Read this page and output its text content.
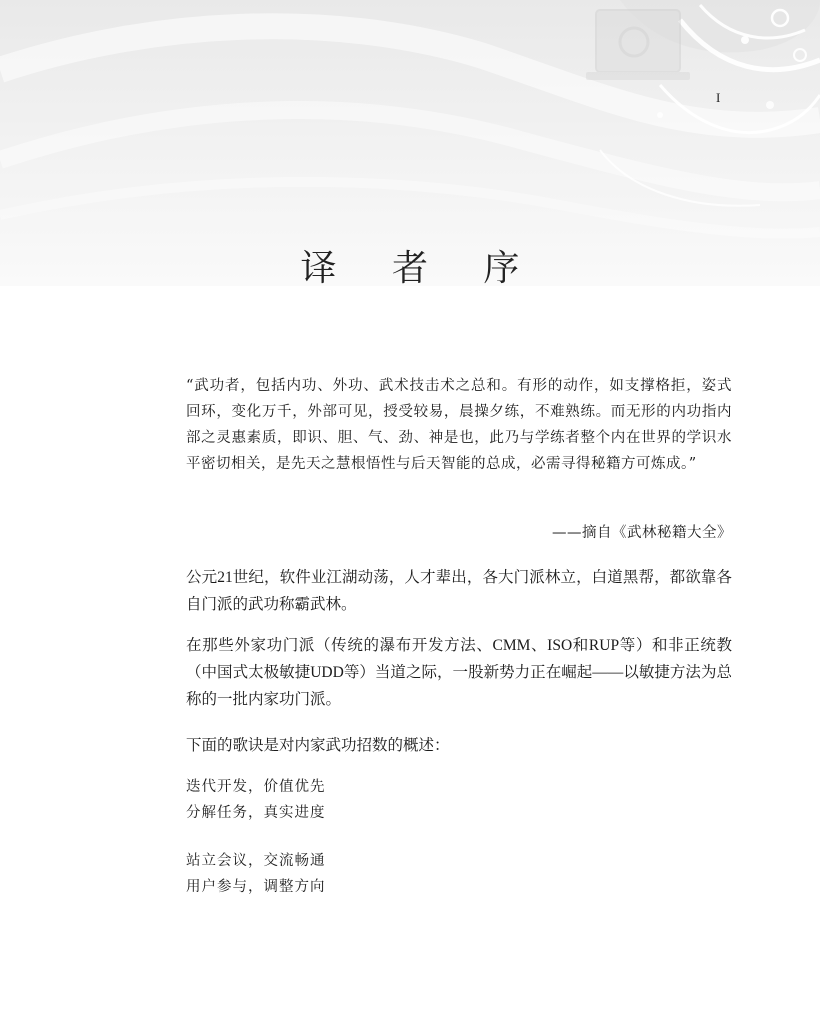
I
译 者 序
“武功者，包括内功、外功、武术技击术之总和。有形的动作，如支撑格拒，姿式回环，变化万千，外部可见，授受较易，晨操夕练，不难熟练。而无形的内功指内部之灵惠素质，即识、胆、气、劲、神是也，此乃与学练者整个内在世界的学识水平密切相关，是先天之慧根悟性与后天智能的总成，必需寻得秘籍方可炼成。”
——摘自《武林秘籍大全》
公元21世纪，软件业江湖动荡，人才辈出，各大门派林立，白道黑帮，都欲靠各自门派的武功称霸武林。
在那些外家功门派（传统的瀑布开发方法、CMM、ISO和RUP等）和非正统教（中国式太极敏捷UDD等）当道之际，一股新势力正在崛起——以敏捷方法为总称的一批内家功门派。
下面的歌诀是对内家武功招数的概述：
迭代开发，价值优先
分解任务，真实进度
站立会议，交流畅通
用户参与，调整方向
